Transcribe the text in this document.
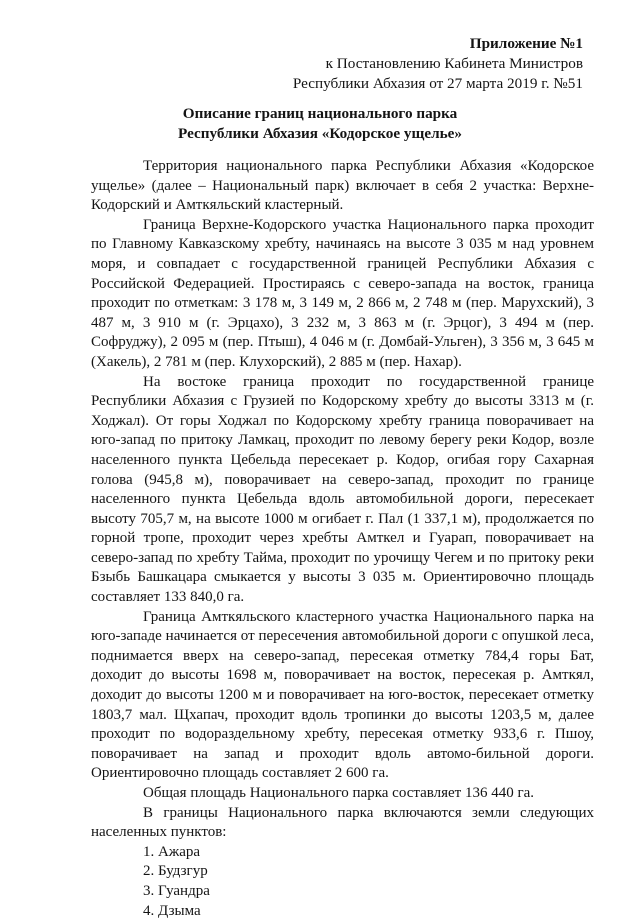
Приложение №1
к Постановлению Кабинета Министров
Республики Абхазия от 27 марта 2019 г. №51
Описание границ национального парка
Республики Абхазия «Кодорское ущелье»

Территория национального парка Республики Абхазия «Кодорское ущелье» (далее – Национальный парк) включает в себя 2 участка: Верхне-Кодорский и Амткяльский кластерный.

Граница Верхне-Кодорского участка Национального парка проходит по Главному Кавказскому хребту, начинаясь на высоте 3 035 м над уровнем моря, и совпадает с государственной границей Республики Абхазия с Российской Федерацией. Простираясь с северо-запада на восток, граница проходит по отметкам: 3 178 м, 3 149 м, 2 866 м, 2 748 м (пер. Марухский), 3 487 м, 3 910 м (г. Эрцахо), 3 232 м, 3 863 м (г. Эрцог), 3 494 м (пер. Софруджу), 2 095 м (пер. Птыш), 4 046 м (г. Домбай-Ульген), 3 356 м, 3 645 м (Хакель), 2 781 м (пер. Клухорский), 2 885 м (пер. Нахар).

На востоке граница проходит по государственной границе Республики Абхазия с Грузией по Кодорскому хребту до высоты 3313 м (г. Ходжал). От горы Ходжал по Кодорскому хребту граница поворачивает на юго-запад по притоку Ламкац, проходит по левому берегу реки Кодор, возле населенного пункта Цебельда пересекает р. Кодор, огибая гору Сахарная голова (945,8 м), поворачивает на северо-запад, проходит по границе населенного пункта Цебельда вдоль автомобильной дороги, пересекает высоту 705,7 м, на высоте 1000 м огибает г. Пал (1 337,1 м), продолжается по горной тропе, проходит через хребты Амткел и Гуарап, поворачивает на северо-запад по хребту Тайма, проходит по урочищу Чегем и по притоку реки Бзыбь Башкацара смыкается у высоты 3 035 м. Ориентировочно площадь составляет 133 840,0 га.

Граница Амткяльского кластерного участка Национального парка на юго-западе начинается от пересечения автомобильной дороги с опушкой леса, поднимается вверх на северо-запад, пересекая отметку 784,4 горы Бат, доходит до высоты 1698 м, поворачивает на восток, пересекая р. Амткял, доходит до высоты 1200 м и поворачивает на юго-восток, пересекает отметку 1803,7 мал. Щхапач, проходит вдоль тропинки до высоты 1203,5 м, далее проходит по водораздельному хребту, пересекая отметку 933,6 г. Пшоу, поворачивает на запад и проходит вдоль автомо-бильной дороги. Ориентировочно площадь составляет 2 600 га.

Общая площадь Национального парка составляет 136 440 га.

В границы Национального парка включаются земли следующих населенных пунктов:

1. Ажара
2. Будзгур
3. Гуандра
4. Дзыма
